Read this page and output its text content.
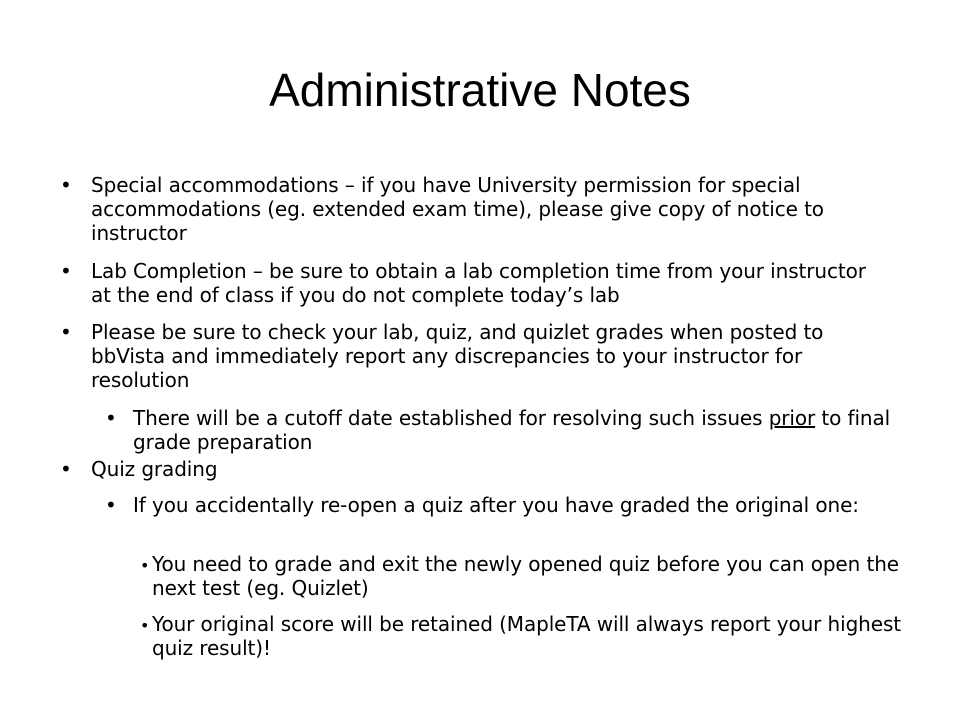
Administrative Notes
• Special accommodations – if you have University permission for special accommodations (eg. extended exam time), please give copy of notice to instructor
• Lab Completion – be sure to obtain a lab completion time from your instructor at the end of class if you do not complete today’s lab
• Please be sure to check your lab, quiz, and quizlet grades when posted to bbVista and immediately report any discrepancies to your instructor for resolution
• There will be a cutoff date established for resolving such issues prior to final grade preparation
• Quiz grading
• If you accidentally re-open a quiz after you have graded the original one:
• You need to grade and exit the newly opened quiz before you can open the next test (eg. Quizlet)
• Your original score will be retained (MapleTA will always report your highest quiz result)!
